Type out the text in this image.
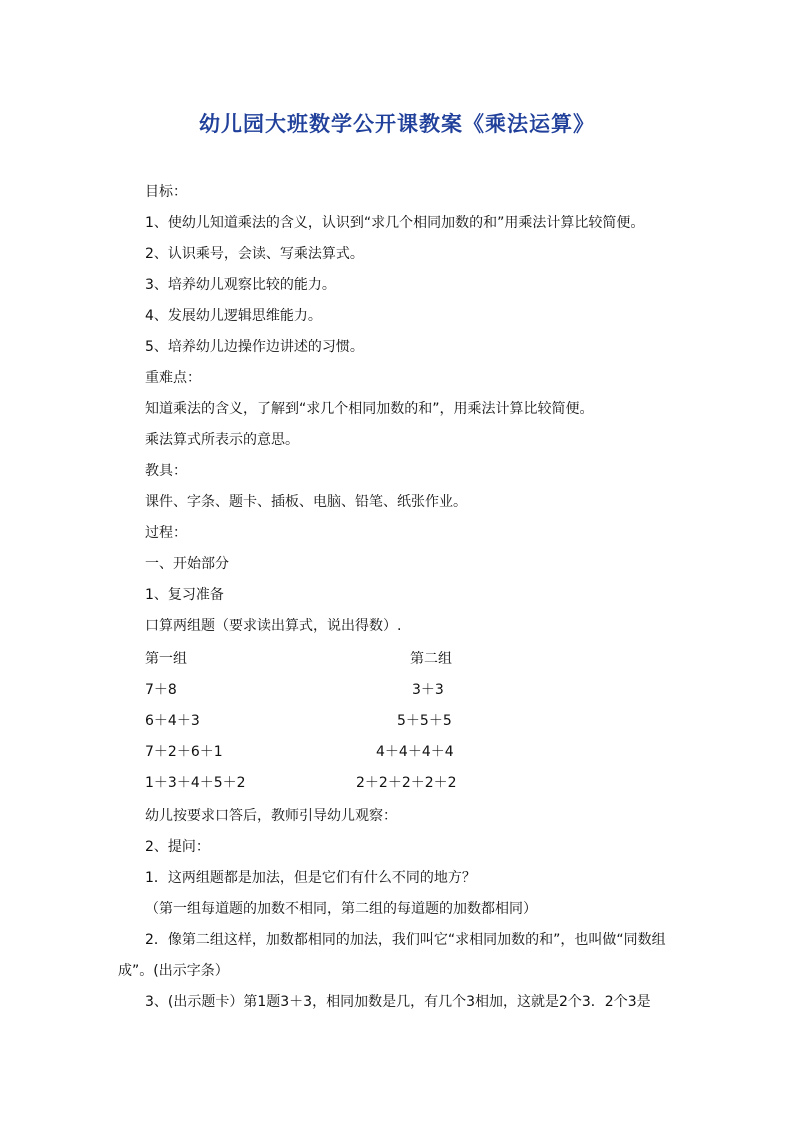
幼儿园大班数学公开课教案《乘法运算》
目标：
1、使幼儿知道乘法的含义，认识到“求几个相同加数的和”用乘法计算比较简便。
2、认识乘号，会读、写乘法算式。
3、培养幼儿观察比较的能力。
4、发展幼儿逻辑思维能力。
5、培养幼儿边操作边讲述的习惯。
重难点：
知道乘法的含义，了解到“求几个相同加数的和”，用乘法计算比较简便。
乘法算式所表示的意思。
教具：
课件、字条、题卡、插板、电脑、铅笔、纸张作业。
过程：
一、开始部分
1、复习准备
口算两组题（要求读出算式，说出得数）.
第一组	第二组
7＋8	3＋3
6＋4＋3	5＋5＋5
7＋2＋6＋1	4＋4＋4＋4
1＋3＋4＋5＋2	2＋2＋2＋2＋2
幼儿按要求口答后，教师引导幼儿观察：
2、提问：
1．这两组题都是加法，但是它们有什么不同的地方？
（第一组每道题的加数不相同，第二组的每道题的加数都相同）
2．像第二组这样，加数都相同的加法，我们叫它“求相同加数的和”，也叫做“同数组
成”。(出示字条）
3、(出示题卡）第1题3＋3，相同加数是几，有几个3相加，这就是2个3．2个3是
